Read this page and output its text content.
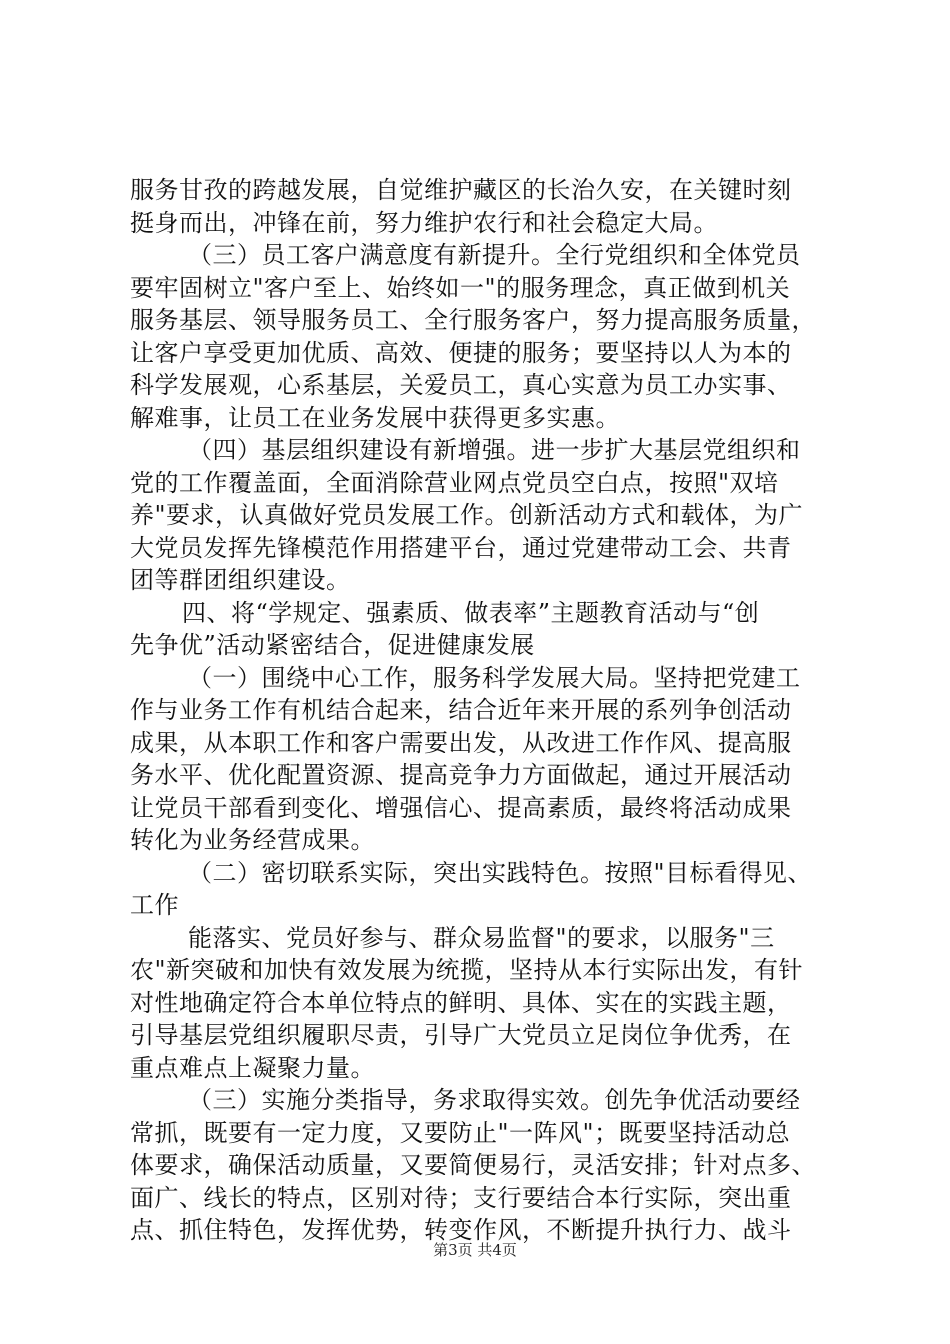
服务甘孜的跨越发展，自觉维护藏区的长治久安，在关键时刻
挺身而出，冲锋在前，努力维护农行和社会稳定大局。
（三）员工客户满意度有新提升。全行党组织和全体党员
要牢固树立"客户至上、始终如一"的服务理念，真正做到机关
服务基层、领导服务员工、全行服务客户，努力提高服务质量，
让客户享受更加优质、高效、便捷的服务；要坚持以人为本的
科学发展观，心系基层，关爱员工，真心实意为员工办实事、
解难事，让员工在业务发展中获得更多实惠。
（四）基层组织建设有新增强。进一步扩大基层党组织和
党的工作覆盖面，全面消除营业网点党员空白点，按照"双培
养"要求，认真做好党员发展工作。创新活动方式和载体，为广
大党员发挥先锋模范作用搭建平台，通过党建带动工会、共青
团等群团组织建设。
四、将“学规定、强素质、做表率”主题教育活动与“创
先争优”活动紧密结合，促进健康发展
（一）围绕中心工作，服务科学发展大局。坚持把党建工
作与业务工作有机结合起来，结合近年来开展的系列争创活动
成果，从本职工作和客户需要出发，从改进工作作风、提高服
务水平、优化配置资源、提高竞争力方面做起，通过开展活动
让党员干部看到变化、增强信心、提高素质，最终将活动成果
转化为业务经营成果。
（二）密切联系实际，突出实践特色。按照"目标看得见、
工作
能落实、党员好参与、群众易监督"的要求，以服务"三
农"新突破和加快有效发展为统揽，坚持从本行实际出发，有针
对性地确定符合本单位特点的鲜明、具体、实在的实践主题，
引导基层党组织履职尽责，引导广大党员立足岗位争优秀，在
重点难点上凝聚力量。
（三）实施分类指导，务求取得实效。创先争优活动要经
常抓，既要有一定力度，又要防止"一阵风"；既要坚持活动总
体要求，确保活动质量，又要简便易行，灵活安排；针对点多、
面广、线长的特点，区别对待；支行要结合本行实际，突出重
点、抓住特色，发挥优势，转变作风，不断提升执行力、战斗
第3页 共4页
